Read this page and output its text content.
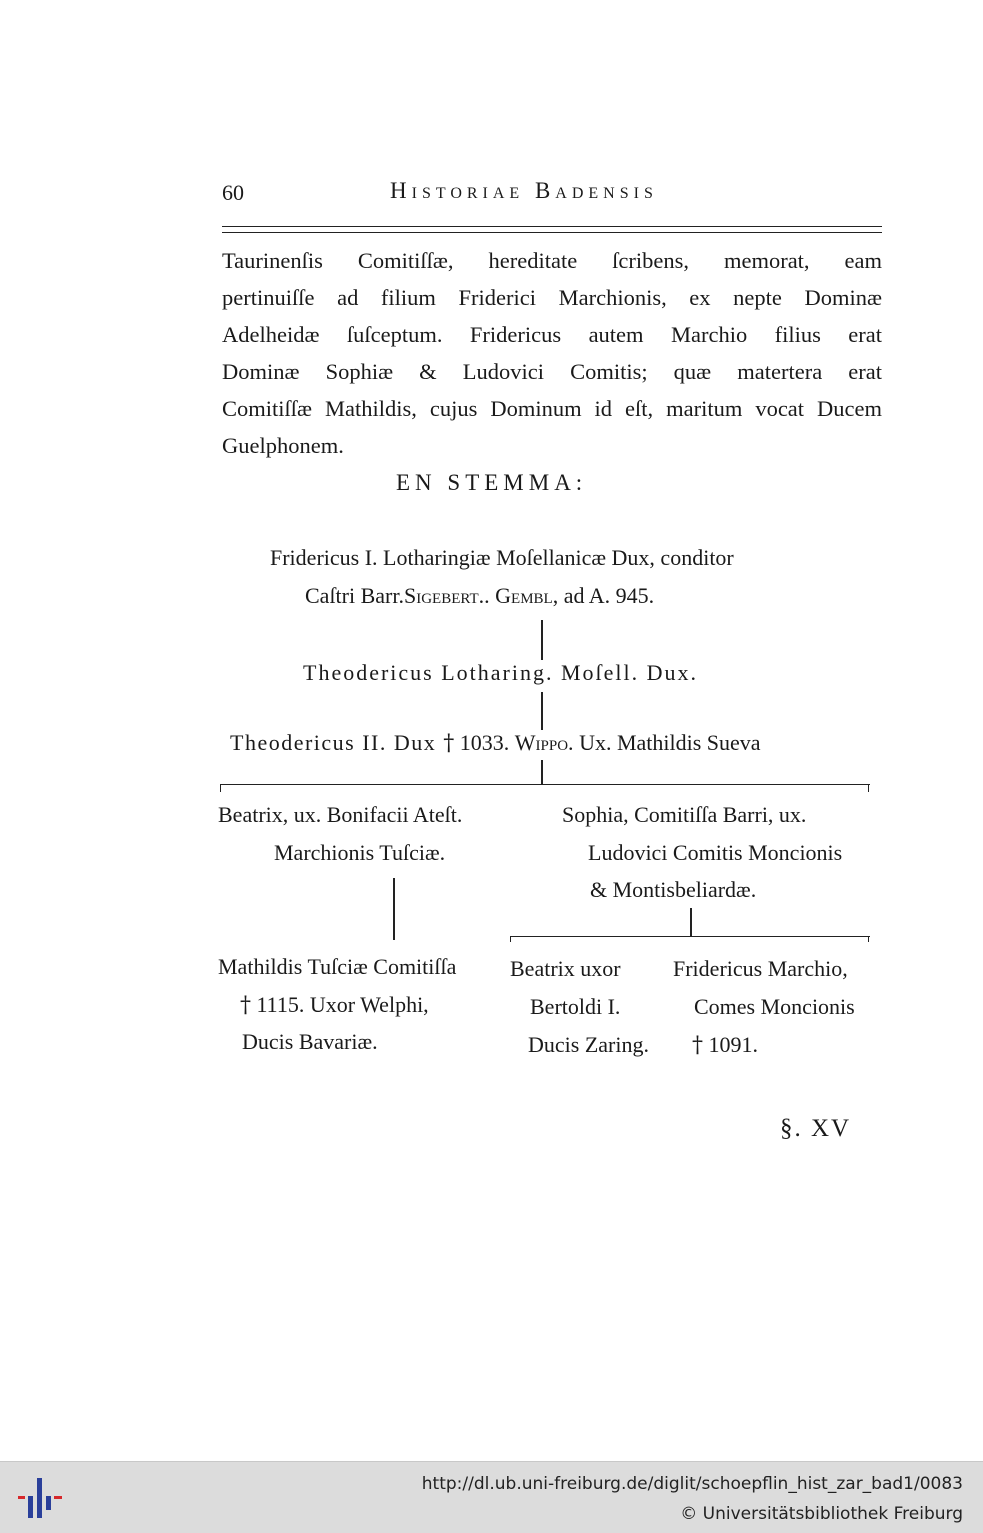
60	Historiae Badensis
Taurinenſis Comitiſſæ, hereditate ſcribens, memorat, eam
pertinuiſſe ad filium Friderici Marchionis, ex nepte Dominæ
Adelheidæ ſuſceptum. Fridericus autem Marchio filius erat
Dominæ Sophiæ & Ludovici Comitis; quæ matertera erat
Comitiſſæ Mathildis, cujus Dominum id eſt, maritum vocat Ducem
Guelphonem.
EN STEMMA:
Fridericus I. Lotharingiæ Moſellanicæ Dux, conditor
Caſtri Barr.Sigebert.. Gembl, ad A. 945.
Theodericus Lotharing. Moſell. Dux.
Theodericus II. Dux † 1033. Wippo. Ux. Mathildis Sueva
Beatrix, ux. Bonifacii Ateſt.
Marchionis Tuſciæ.
Sophia, Comitiſſa Barri, ux.
Ludovici Comitis Moncionis
& Montisbeliardæ.
Mathildis Tuſciæ Comitiſſa
† 1115. Uxor Welphi,
Ducis Bavariæ.
Beatrix uxor
Bertoldi I.
Ducis Zaring.
Fridericus Marchio,
Comes Moncionis
† 1091.
§. XV
http://dl.ub.uni-freiburg.de/diglit/schoepflin_hist_zar_bad1/0083
© Universitätsbibliothek Freiburg
